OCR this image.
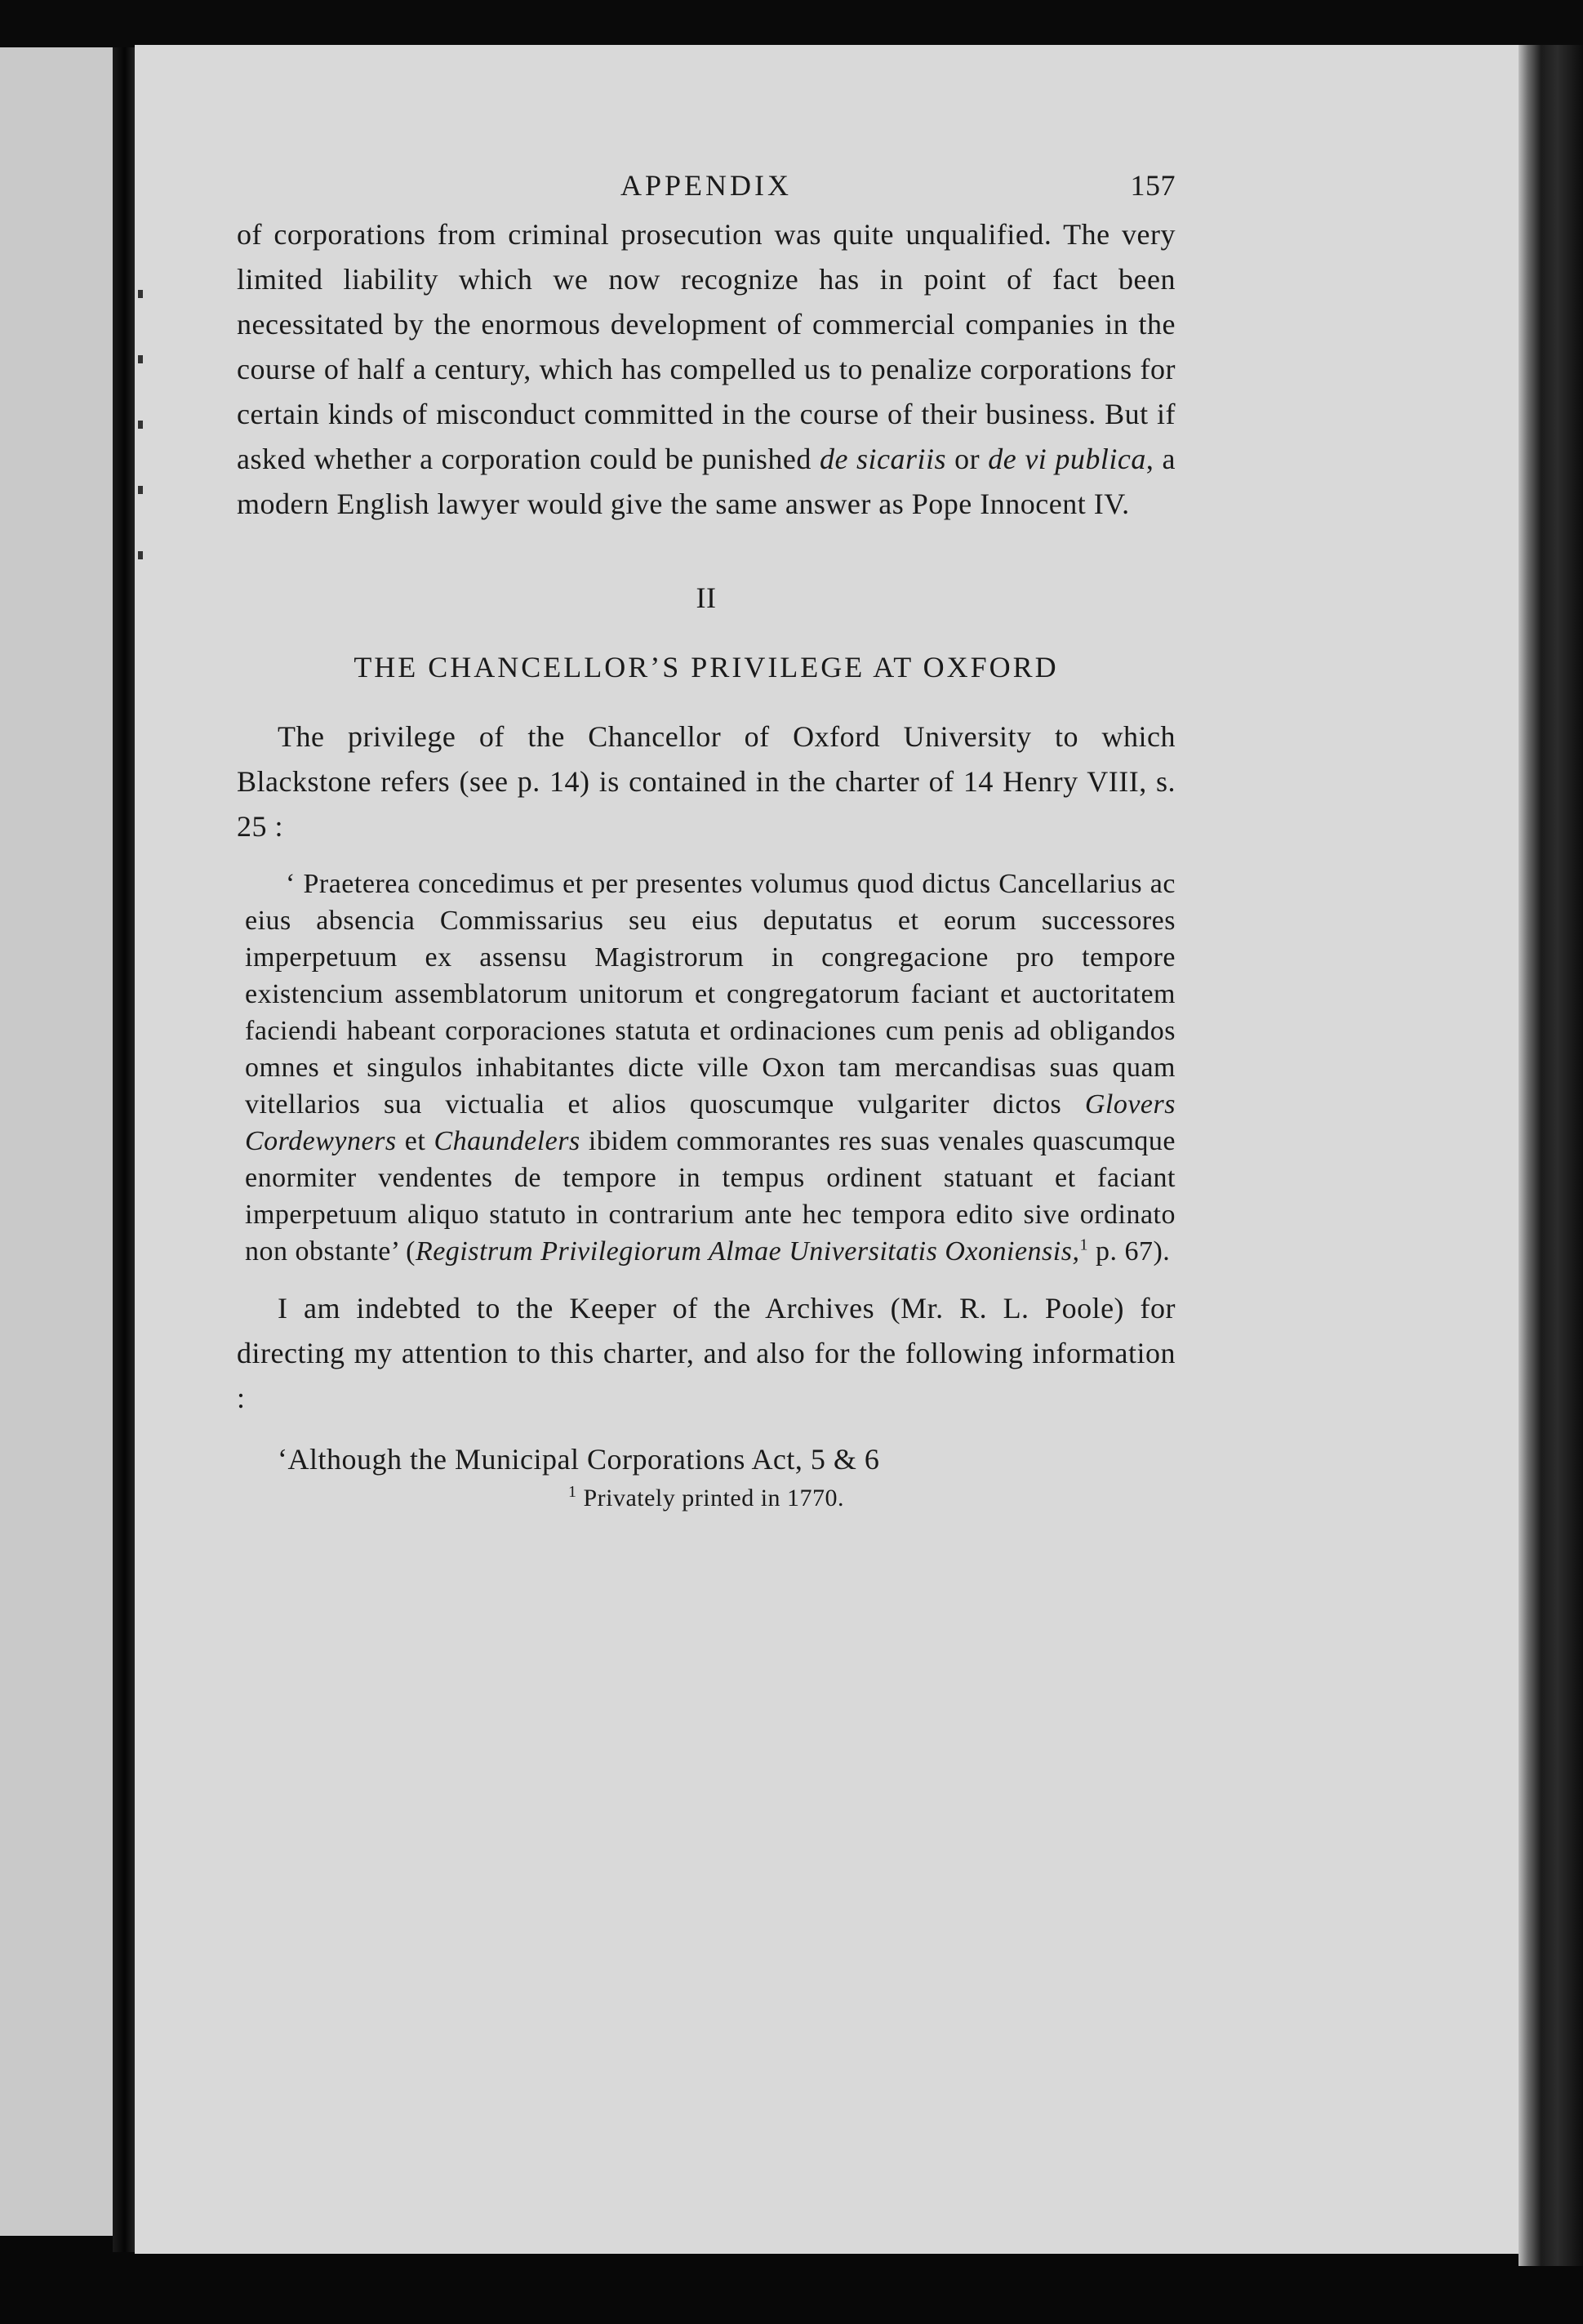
APPENDIX	157

of corporations from criminal prosecution was quite unqualified. The very limited liability which we now recognize has in point of fact been necessitated by the enormous development of commercial companies in the course of half a century, which has compelled us to penalize corporations for certain kinds of misconduct committed in the course of their business. But if asked whether a corporation could be punished de sicariis or de vi publica, a modern English lawyer would give the same answer as Pope Innocent IV.

II
THE CHANCELLOR’S PRIVILEGE AT OXFORD

The privilege of the Chancellor of Oxford University to which Blackstone refers (see p. 14) is contained in the charter of 14 Henry VIII, s. 25 :

‘ Praeterea concedimus et per presentes volumus quod dictus Cancellarius ac eius absencia Commissarius seu eius deputatus et eorum successores imperpetuum ex assensu Magistrorum in congregacione pro tempore existencium assemblatorum unitorum et congregatorum faciant et auctoritatem faciendi habeant corporaciones statuta et ordinaciones cum penis ad obligandos omnes et singulos inhabitantes dicte ville Oxon tam mercandisas suas quam vitellarios sua victualia et alios quoscumque vulgariter dictos Glovers Cordewyners et Chaundelers ibidem commorantes res suas venales quascumque enormiter vendentes de tempore in tempus ordinent statuant et faciant imperpetuum aliquo statuto in contrarium ante hec tempora edito sive ordinato non obstante’ (Registrum Privilegiorum Almae Universitatis Oxoniensis,$^1$ p. 67).

I am indebted to the Keeper of the Archives (Mr. R. L. Poole) for directing my attention to this charter, and also for the following information :

‘Although the Municipal Corporations Act, 5 & 6

$^1$ Privately printed in 1770.
